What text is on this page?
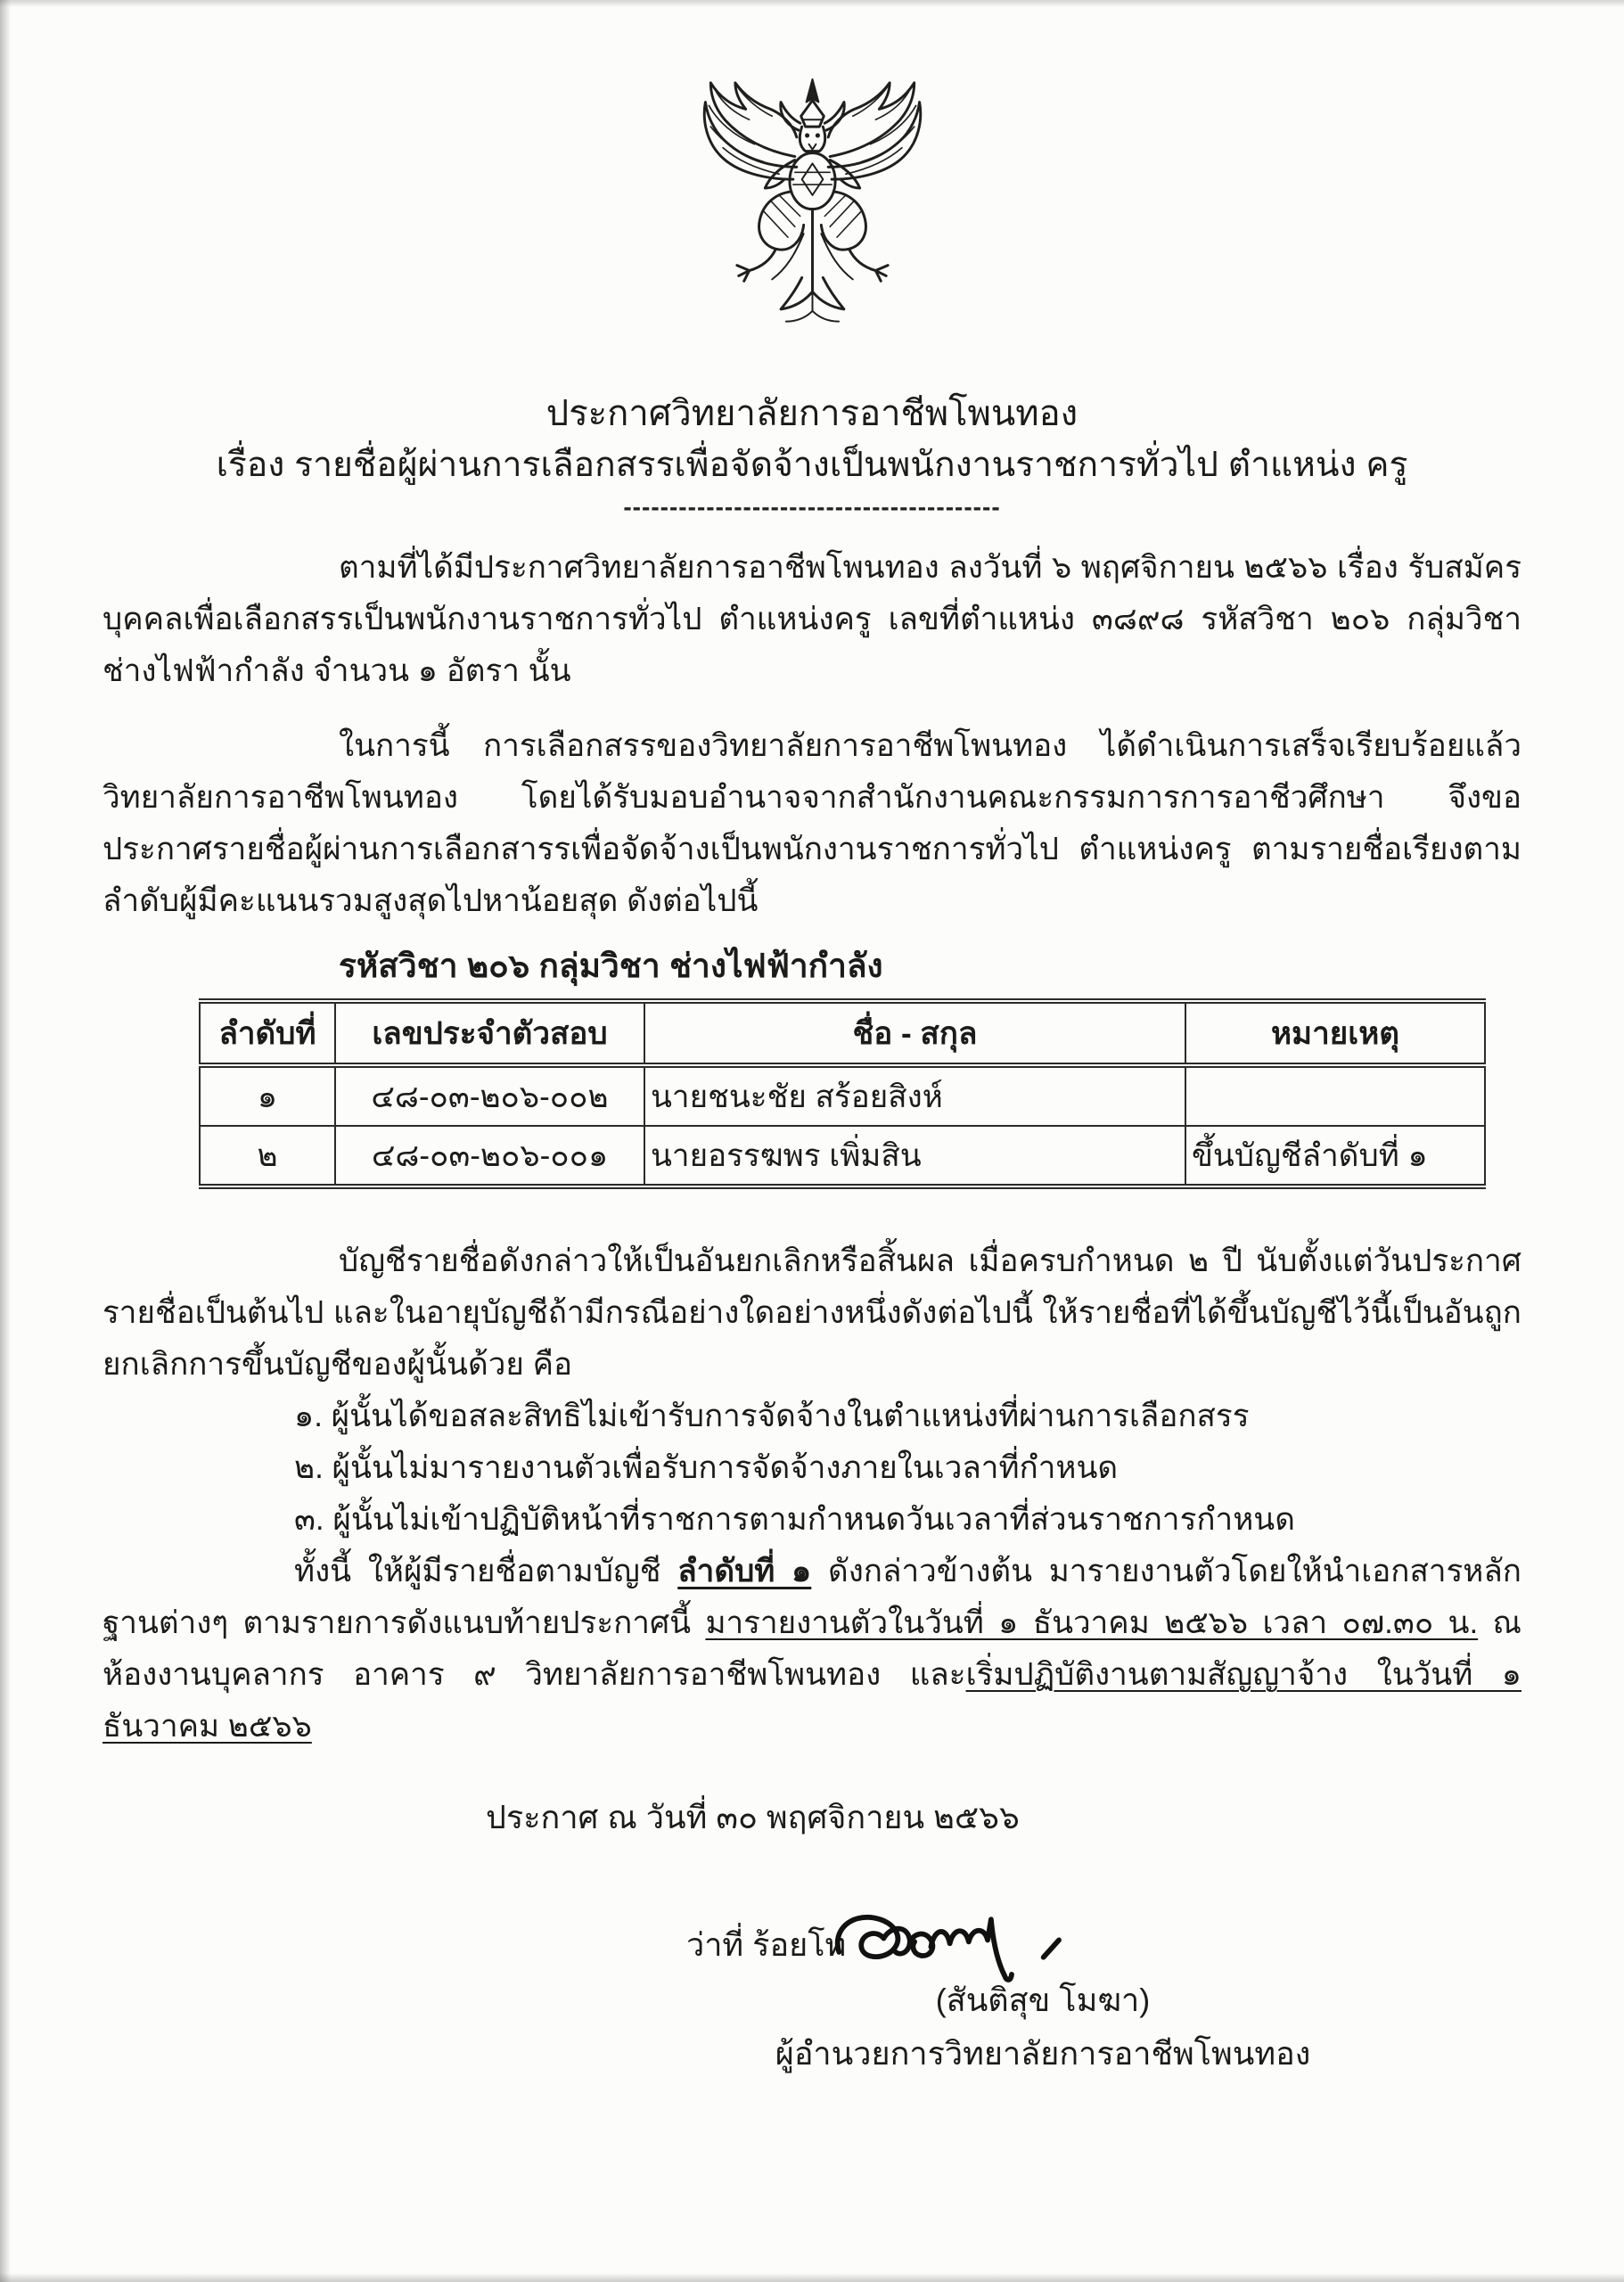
ประกาศวิทยาลัยการอาชีพโพนทอง
เรื่อง รายชื่อผู้ผ่านการเลือกสรรเพื่อจัดจ้างเป็นพนักงานราชการทั่วไป ตำแหน่ง ครู
-----------------------------------------

ตามที่ได้มีประกาศวิทยาลัยการอาชีพโพนทอง ลงวันที่ ๖ พฤศจิกายน ๒๕๖๖ เรื่อง รับสมัครบุคคลเพื่อเลือกสรรเป็นพนักงานราชการทั่วไป ตำแหน่งครู เลขที่ตำแหน่ง ๓๘๙๘ รหัสวิชา ๒๐๖ กลุ่มวิชา ช่างไฟฟ้ากำลัง จำนวน ๑ อัตรา นั้น

ในการนี้ การเลือกสรรของวิทยาลัยการอาชีพโพนทอง ได้ดำเนินการเสร็จเรียบร้อยแล้ว วิทยาลัยการอาชีพโพนทอง โดยได้รับมอบอำนาจจากสำนักงานคณะกรรมการการอาชีวศึกษา จึงขอประกาศรายชื่อผู้ผ่านการเลือกสารรเพื่อจัดจ้างเป็นพนักงานราชการทั่วไป ตำแหน่งครู ตามรายชื่อเรียงตามลำดับผู้มีคะแนนรวมสูงสุดไปหาน้อยสุด ดังต่อไปนี้

รหัสวิชา ๒๐๖ กลุ่มวิชา ช่างไฟฟ้ากำลัง
ลำดับที่	เลขประจำตัวสอบ	ชื่อ - สกุล	หมายเหตุ
๑	๔๘-๐๓-๒๐๖-๐๐๒	นายชนะชัย สร้อยสิงห์	
๒	๔๘-๐๓-๒๐๖-๐๐๑	นายอรรฆพร เพิ่มสิน	ขึ้นบัญชีลำดับที่ ๑

บัญชีรายชื่อดังกล่าวให้เป็นอันยกเลิกหรือสิ้นผล เมื่อครบกำหนด ๒ ปี นับตั้งแต่วันประกาศรายชื่อเป็นต้นไป และในอายุบัญชีถ้ามีกรณีอย่างใดอย่างหนึ่งดังต่อไปนี้ ให้รายชื่อที่ได้ขึ้นบัญชีไว้นี้เป็นอันถูกยกเลิกการขึ้นบัญชีของผู้นั้นด้วย คือ

๑. ผู้นั้นได้ขอสละสิทธิไม่เข้ารับการจัดจ้างในตำแหน่งที่ผ่านการเลือกสรร
๒. ผู้นั้นไม่มารายงานตัวเพื่อรับการจัดจ้างภายในเวลาที่กำหนด
๓. ผู้นั้นไม่เข้าปฏิบัติหน้าที่ราชการตามกำหนดวันเวลาที่ส่วนราชการกำหนด

ทั้งนี้ ให้ผู้มีรายชื่อตามบัญชี ลำดับที่ ๑ ดังกล่าวข้างต้น มารายงานตัวโดยให้นำเอกสารหลักฐานต่างๆ ตามรายการดังแนบท้ายประกาศนี้ มารายงานตัวในวันที่ ๑ ธันวาคม ๒๕๖๖ เวลา ๐๗.๓๐ น. ณ ห้องงานบุคลากร อาคาร ๙ วิทยาลัยการอาชีพโพนทอง และเริ่มปฏิบัติงานตามสัญญาจ้าง ในวันที่ ๑ ธันวาคม ๒๕๖๖

ประกาศ ณ วันที่ ๓๐ พฤศจิกายน ๒๕๖๖

ว่าที่ ร้อยโท
(สันติสุข โมฆา)
ผู้อำนวยการวิทยาลัยการอาชีพโพนทอง
